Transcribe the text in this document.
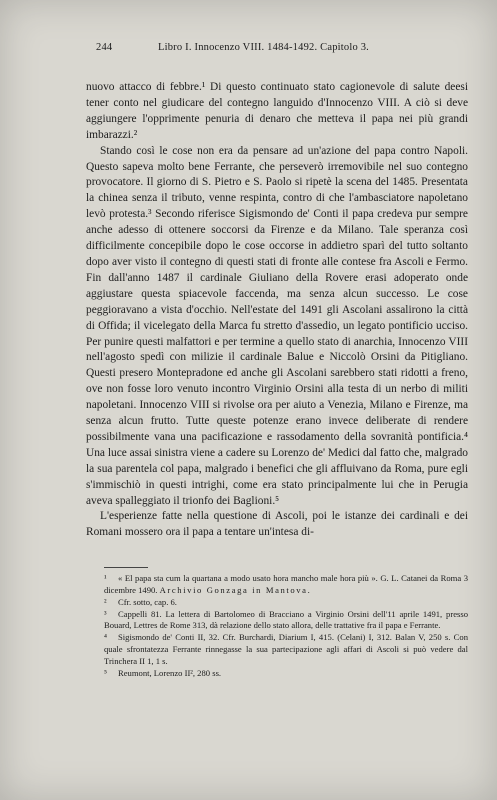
244	Libro I. Innocenzo VIII. 1484-1492. Capitolo 3.

nuovo attacco di febbre.¹ Di questo continuato stato cagionevole di salute deesi tener conto nel giudicare del contegno languido d'Innocenzo VIII. A ciò si deve aggiungere l'opprimente penuria di denaro che metteva il papa nei più grandi imbarazzi.²

Stando così le cose non era da pensare ad un'azione del papa contro Napoli. Questo sapeva molto bene Ferrante, che perseverò irremovibile nel suo contegno provocatore. Il giorno di S. Pietro e S. Paolo si ripetè la scena del 1485. Presentata la chinea senza il tributo, venne respinta, contro di che l'ambasciatore napoletano levò protesta.³ Secondo riferisce Sigismondo de' Conti il papa credeva pur sempre anche adesso di ottenere soccorsi da Firenze e da Milano. Tale speranza così difficilmente concepibile dopo le cose occorse in addietro sparì del tutto soltanto dopo aver visto il contegno di questi stati di fronte alle contese fra Ascoli e Fermo. Fin dall'anno 1487 il cardinale Giuliano della Rovere erasi adoperato onde aggiustare questa spiacevole faccenda, ma senza alcun successo. Le cose peggioravano a vista d'occhio. Nell'estate del 1491 gli Ascolani assalirono la città di Offida; il vicelegato della Marca fu stretto d'assedio, un legato pontificio ucciso. Per punire questi malfattori e per termine a quello stato di anarchia, Innocenzo VIII nell'agosto spedì con milizie il cardinale Balue e Niccolò Orsini da Pitigliano. Questi presero Montepradone ed anche gli Ascolani sarebbero stati ridotti a freno, ove non fosse loro venuto incontro Virginio Orsini alla testa di un nerbo di militi napoletani. Innocenzo VIII si rivolse ora per aiuto a Venezia, Milano e Firenze, ma senza alcun frutto. Tutte queste potenze erano invece deliberate di rendere possibilmente vana una pacificazione e rassodamento della sovranità pontificia.⁴ Una luce assai sinistra viene a cadere su Lorenzo de' Medici dal fatto che, malgrado la sua parentela col papa, malgrado i benefici che gli affluivano da Roma, pure egli s'immischiò in questi intrighi, come era stato principalmente lui che in Perugia aveva spalleggiato il trionfo dei Baglioni.⁵

L'esperienze fatte nella questione di Ascoli, poi le istanze dei cardinali e dei Romani mossero ora il papa a tentare un'intesa di-

¹ « El papa sta cum la quartana a modo usato hora mancho male hora più ». G. L. Catanei da Roma 3 dicembre 1490. Archivio Gonzaga in Mantova.
² Cfr. sotto, cap. 6.
³ Cappelli 81. La lettera di Bartolomeo di Bracciano a Virginio Orsini dell'11 aprile 1491, presso Bouard, Lettres de Rome 313, dà relazione dello stato allora, delle trattative fra il papa e Ferrante.
⁴ Sigismondo de' Conti II, 32. Cfr. Burchardi, Diarium I, 415. (Celani) I, 312. Balan V, 250 s. Con quale sfrontatezza Ferrante rinnegasse la sua partecipazione agli affari di Ascoli si può vedere dal Trinchera II 1, 1 s.
⁵ Reumont, Lorenzo II², 280 ss.
